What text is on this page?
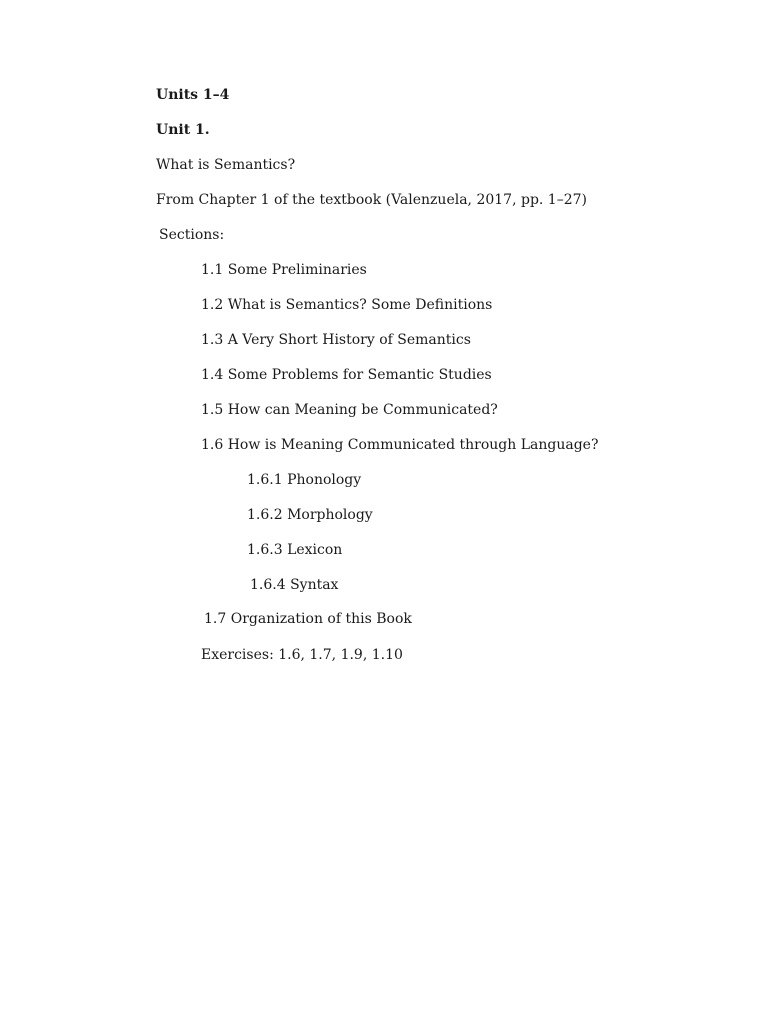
Units 1–4

Unit 1.

What is Semantics?

From Chapter 1 of the textbook (Valenzuela, 2017, pp. 1–27)

Sections:

1.1 Some Preliminaries

1.2 What is Semantics? Some Definitions

1.3 A Very Short History of Semantics

1.4 Some Problems for Semantic Studies

1.5 How can Meaning be Communicated?

1.6 How is Meaning Communicated through Language?

1.6.1 Phonology

1.6.2 Morphology

1.6.3 Lexicon

1.6.4 Syntax

1.7 Organization of this Book

Exercises: 1.6, 1.7, 1.9, 1.10
